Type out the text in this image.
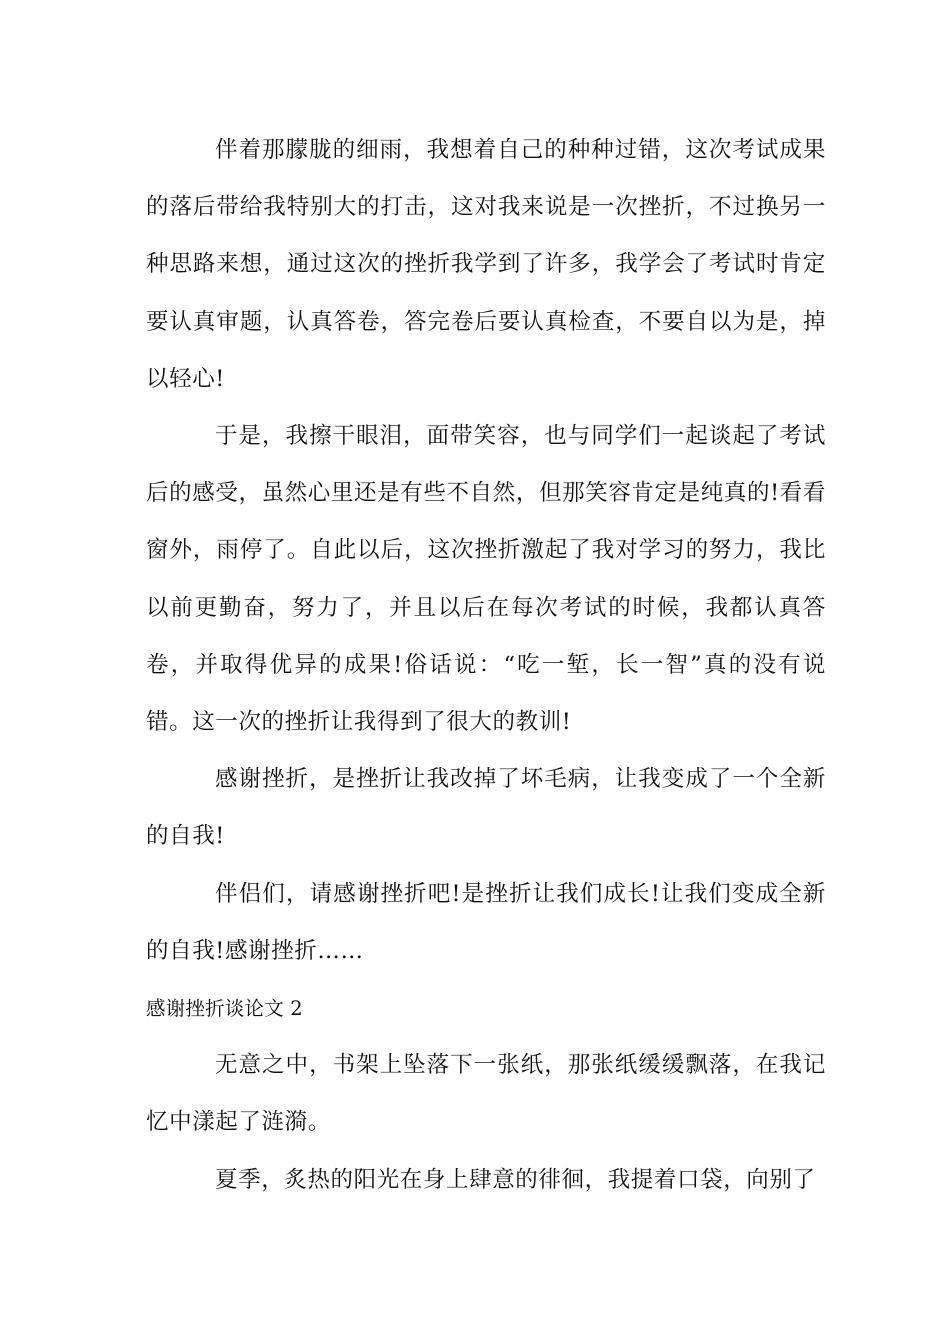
伴着那朦胧的细雨，我想着自己的种种过错，这次考试成果的落后带给我特别大的打击，这对我来说是一次挫折，不过换另一种思路来想，通过这次的挫折我学到了许多，我学会了考试时肯定要认真审题，认真答卷，答完卷后要认真检查，不要自以为是，掉以轻心!

于是，我擦干眼泪，面带笑容，也与同学们一起谈起了考试后的感受，虽然心里还是有些不自然，但那笑容肯定是纯真的!看看窗外，雨停了。自此以后，这次挫折激起了我对学习的努力，我比以前更勤奋，努力了，并且以后在每次考试的时候，我都认真答卷，并取得优异的成果!俗话说：“吃一堑，长一智”真的没有说错。这一次的挫折让我得到了很大的教训!

感谢挫折，是挫折让我改掉了坏毛病，让我变成了一个全新的自我!

伴侣们，请感谢挫折吧!是挫折让我们成长!让我们变成全新的自我!感谢挫折……

感谢挫折谈论文 2

无意之中，书架上坠落下一张纸，那张纸缓缓飘落，在我记忆中漾起了涟漪。

夏季，炙热的阳光在身上肆意的徘徊，我提着口袋，向别了
